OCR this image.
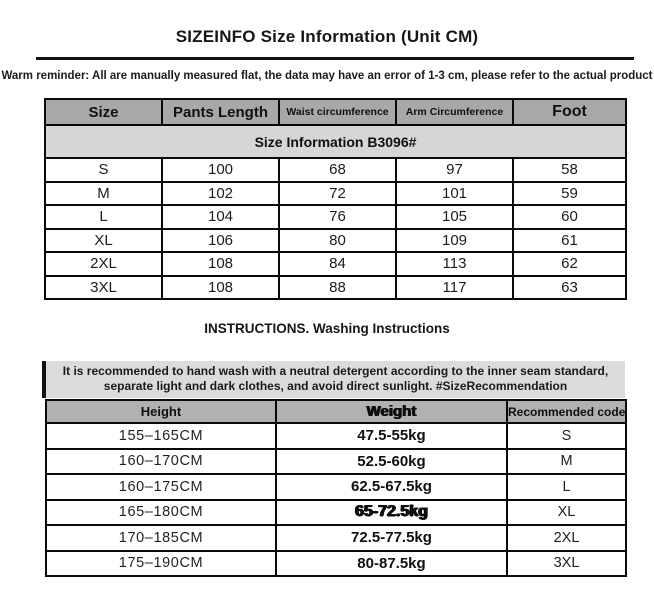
SIZEINFO Size Information (Unit CM)
Warm reminder: All are manually measured flat, the data may have an error of 1-3 cm, please refer to the actual product
Size Information B3096#				
Size	Pants Length	Waist circumference	Arm Circumference	Foot
S	100	68	97	58
M	102	72	101	59
L	104	76	105	60
XL	106	80	109	61
2XL	108	84	113	62
3XL	108	88	117	63
INSTRUCTIONS. Washing Instructions
It is recommended to hand wash with a neutral detergent according to the inner seam standard, separate light and dark clothes, and avoid direct sunlight. #SizeRecommendation
Height	Weight	Recommended code
155–165CM	47.5-55kg	S
160–170CM	52.5-60kg	M
160–175CM	62.5-67.5kg	L
165–180CM	65-72.5kg	XL
170–185CM	72.5-77.5kg	2XL
175–190CM	80-87.5kg	3XL
